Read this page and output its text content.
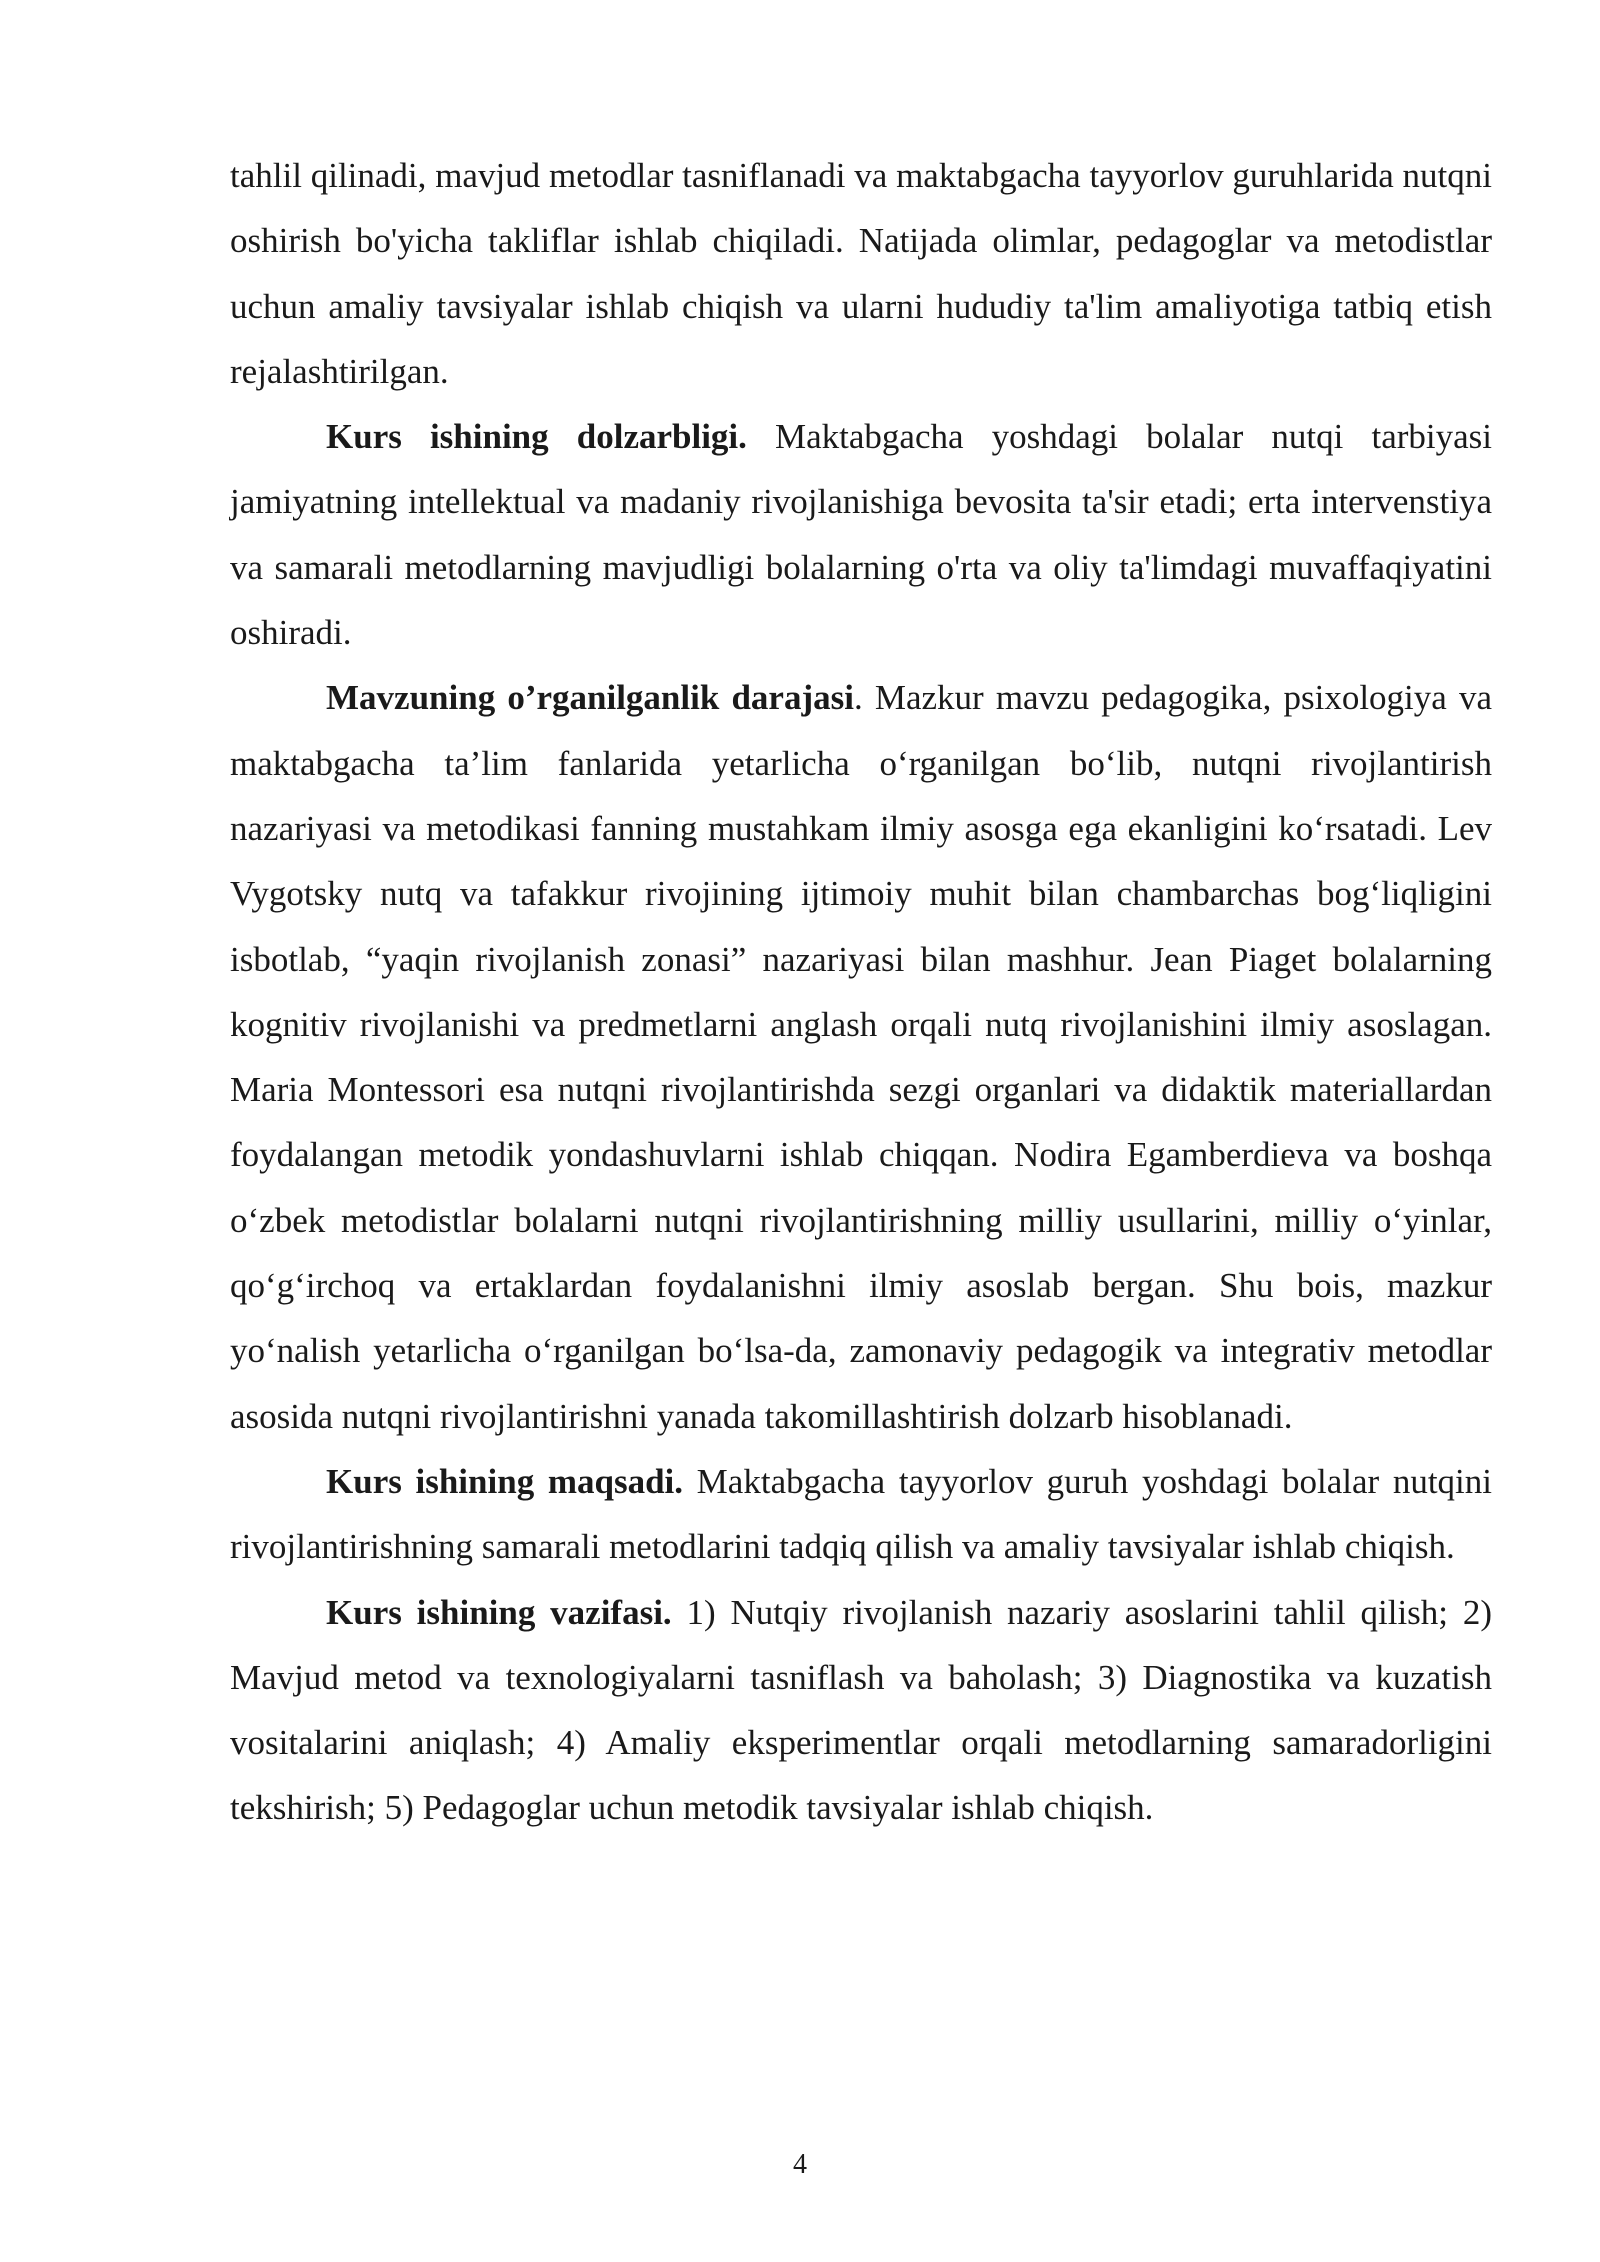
tahlil qilinadi, mavjud metodlar tasniflanadi va maktabgacha tayyorlov guruhlarida nutqni oshirish bo'yicha takliflar ishlab chiqiladi. Natijada olimlar, pedagoglar va metodistlar uchun amaliy tavsiyalar ishlab chiqish va ularni hududiy ta'lim amaliyotiga tatbiq etish rejalashtirilgan.

Kurs ishining dolzarbligi. Maktabgacha yoshdagi bolalar nutqi tarbiyasi jamiyatning intellektual va madaniy rivojlanishiga bevosita ta'sir etadi; erta intervenstiya va samarali metodlarning mavjudligi bolalarning o'rta va oliy ta'limdagi muvaffaqiyatini oshiradi.

Mavzuning o’rganilganlik darajasi. Mazkur mavzu pedagogika, psixologiya va maktabgacha ta’lim fanlarida yetarlicha o‘rganilgan bo‘lib, nutqni rivojlantirish nazariyasi va metodikasi fanning mustahkam ilmiy asosga ega ekanligini ko‘rsatadi. Lev Vygotsky nutq va tafakkur rivojining ijtimoiy muhit bilan chambarchas bog‘liqligini isbotlab, “yaqin rivojlanish zonasi” nazariyasi bilan mashhur. Jean Piaget bolalarning kognitiv rivojlanishi va predmetlarni anglash orqali nutq rivojlanishini ilmiy asoslagan. Maria Montessori esa nutqni rivojlantirishda sezgi organlari va didaktik materiallardan foydalangan metodik yondashuvlarni ishlab chiqqan. Nodira Egamberdieva va boshqa o‘zbek metodistlar bolalarni nutqni rivojlantirishning milliy usullarini, milliy o‘yinlar, qo‘g‘irchoq va ertaklardan foydalanishni ilmiy asoslab bergan. Shu bois, mazkur yo‘nalish yetarlicha o‘rganilgan bo‘lsa-da, zamonaviy pedagogik va integrativ metodlar asosida nutqni rivojlantirishni yanada takomillashtirish dolzarb hisoblanadi.

Kurs ishining maqsadi. Maktabgacha tayyorlov guruh yoshdagi bolalar nutqini rivojlantirishning samarali metodlarini tadqiq qilish va amaliy tavsiyalar ishlab chiqish.

Kurs ishining vazifasi. 1) Nutqiy rivojlanish nazariy asoslarini tahlil qilish; 2) Mavjud metod va texnologiyalarni tasniflash va baholash; 3) Diagnostika va kuzatish vositalarini aniqlash; 4) Amaliy eksperimentlar orqali metodlarning samaradorligini tekshirish; 5) Pedagoglar uchun metodik tavsiyalar ishlab chiqish.

4
